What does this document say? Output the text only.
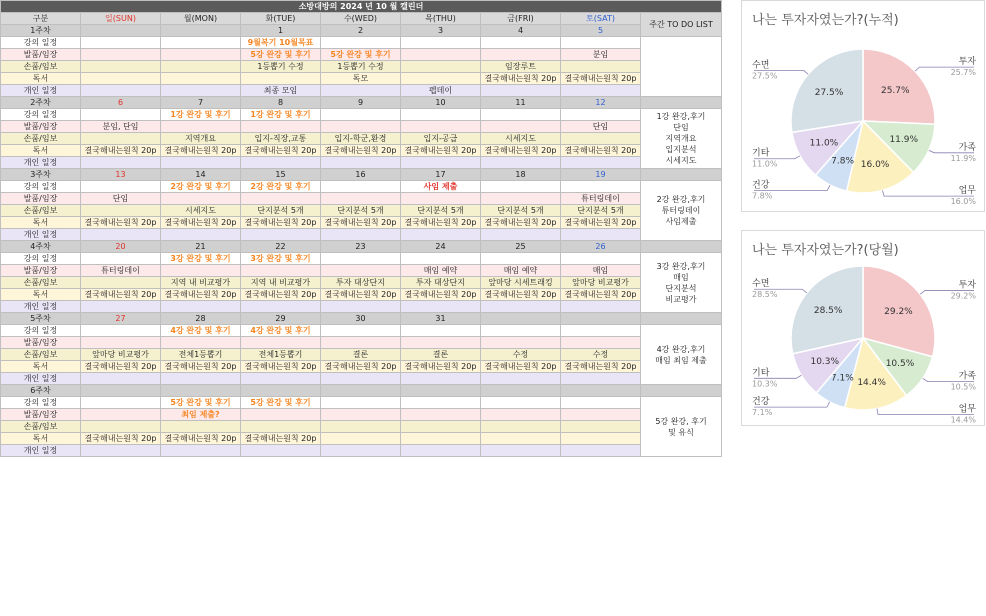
소방대방의 2024 년 10 월 캘린더								
구분	일(SUN)	월(MON)	화(TUE)	수(WED)	목(THU)	금(FRI)	토(SAT)	주간 TO DO LIST
1주차			1	2	3	4	5	
강의 일정			9월복기 10월목표					
발품/임장			5강 완강 및 후기	5강 완강 및 후기			분임	
손품/임보			1등뽑기 수정	1등뽑기 수정		임장루트		
독서				독모		결국해내는원칙 20p	결국해내는원칙 20p	
개인 일정			최종 모임		펩데이			
2주차	6	7	8	9	10	11	12	
강의 일정		1강 완강 및 후기	1강 완강 및 후기					1강 완강,후기
단임
지역개요
입지분석
시세지도

발품/임장	분임, 단임						단임	
손품/임보		지역개요	입지-직장,교통	입지-학군,환경	입지-공급	시세지도		
독서	결국해내는원칙 20p	결국해내는원칙 20p	결국해내는원칙 20p	결국해내는원칙 20p	결국해내는원칙 20p	결국해내는원칙 20p	결국해내는원칙 20p	
개인 일정								
3주차	13	14	15	16	17	18	19	
강의 일정		2강 완강 및 후기	2강 완강 및 후기		사임 제출			2강 완강,후기
튜터링데이
사임제출

발품/임장	단임						튜터링데이	
손품/임보		시세지도	단지분석 5개	단지분석 5개	단지분석 5개	단지분석 5개	단지분석 5개	
독서	결국해내는원칙 20p	결국해내는원칙 20p	결국해내는원칙 20p	결국해내는원칙 20p	결국해내는원칙 20p	결국해내는원칙 20p	결국해내는원칙 20p	
개인 일정								
4주차	20	21	22	23	24	25	26	
강의 일정		3강 완강 및 후기	3강 완강 및 후기					3강 완강,후기
매임
단지분석
비교평가

발품/임장	튜터링데이				매임 예약	매임 예약	매임	
손품/임보		지역 내 비교평가	지역 내 비교평가	투자 대상단지	투자 대상단지	앞마당 시세트래킹	앞마당 비교평가	
독서	결국해내는원칙 20p	결국해내는원칙 20p	결국해내는원칙 20p	결국해내는원칙 20p	결국해내는원칙 20p	결국해내는원칙 20p	결국해내는원칙 20p	
개인 일정								
5주차	27	28	29	30	31			
강의 일정		4강 완강 및 후기	4강 완강 및 후기					4강 완강,후기
매임 최임 제출

발품/임장								
손품/임보	앞마당 비교평가	전체1등뽑기	전체1등뽑기	결론	결론	수정	수정	
독서	결국해내는원칙 20p	결국해내는원칙 20p	결국해내는원칙 20p	결국해내는원칙 20p	결국해내는원칙 20p	결국해내는원칙 20p	결국해내는원칙 20p	
개인 일정								
6주차								
강의 일정		5강 완강 및 후기	5강 완강 및 후기					5강 완강, 후기
및 유식

발품/임장		최임 제출?						
손품/임보								
독서	결국해내는원칙 20p	결국해내는원칙 20p	결국해내는원칙 20p					
개인 일정								
나는 투자자였는가?(누적)
25.7%
투자
25.7%
11.9%
가족
11.9%
16.0%
업무
16.0%
7.8%
건강
7.8%
11.0%
기타
11.0%
27.5%
수면
27.5%
나는 투자자였는가?(당월)
29.2%
투자
29.2%
10.5%
가족
10.5%
14.4%
업무
14.4%
7.1%
건강
7.1%
10.3%
기타
10.3%
28.5%
수면
28.5%
